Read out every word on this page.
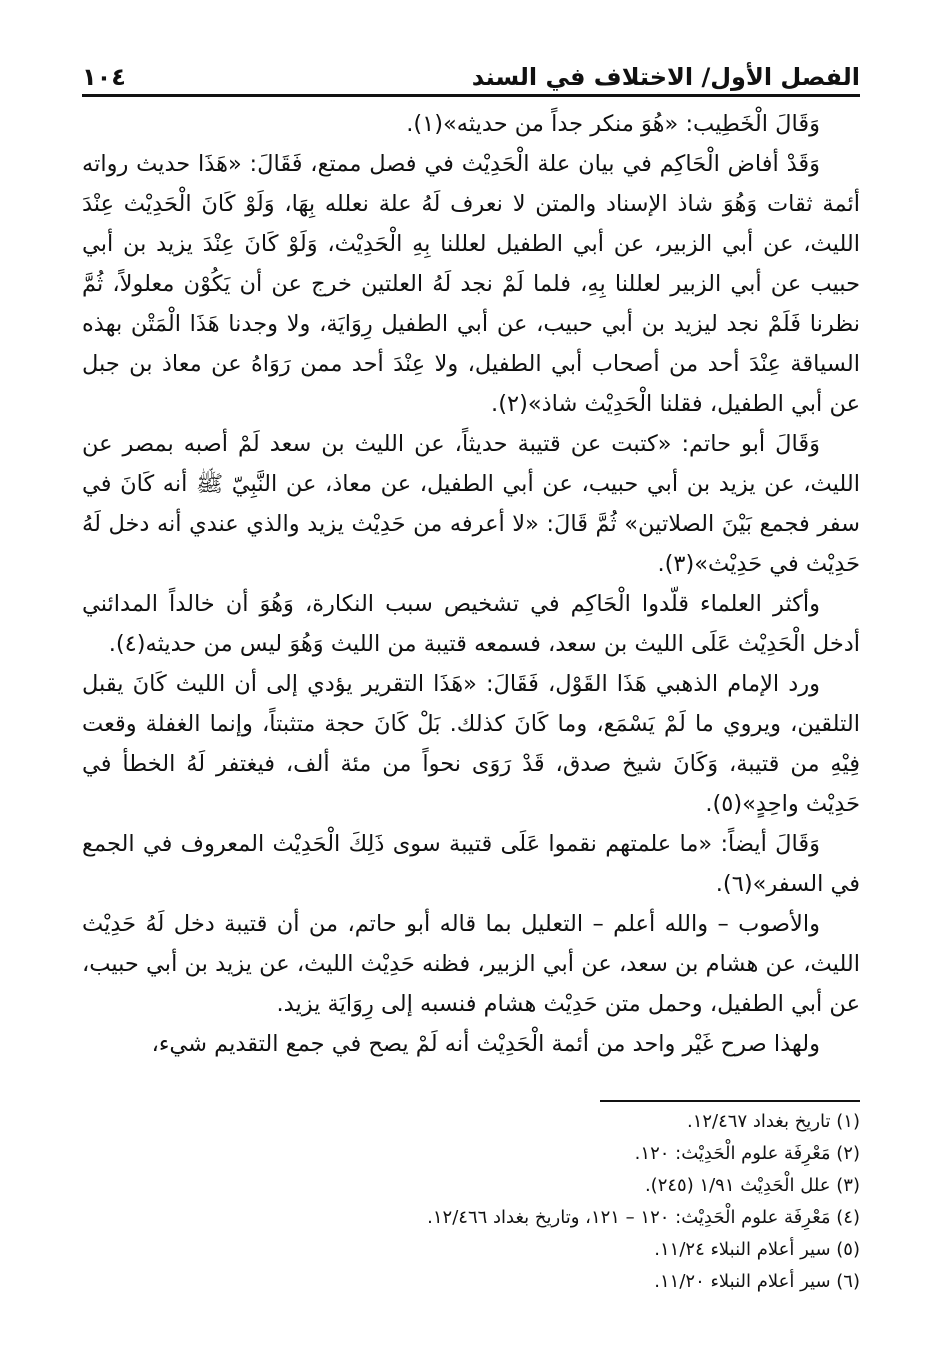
الفصل الأول/ الاختلاف في السند
١٠٤

وَقَالَ الْخَطِيب: «هُوَ منكر جداً من حديثه»(١).

وَقَدْ أفاض الْحَاكِم في بيان علة الْحَدِيْث في فصل ممتع، فَقَالَ: «هَذَا حديث رواته أئمة ثقات وَهُوَ شاذ الإسناد والمتن لا نعرف لَهُ علة نعلله بِهَا، وَلَوْ كَانَ الْحَدِيْث عِنْدَ الليث، عن أبي الزبير، عن أبي الطفيل لعللنا بِهِ الْحَدِيْث، وَلَوْ كَانَ عِنْدَ يزيد بن أبي حبيب عن أبي الزبير لعللنا بِهِ، فلما لَمْ نجد لَهُ العلتين خرج عن أن يَكُوْن معلولاً، ثُمَّ نظرنا فَلَمْ نجد ليزيد بن أبي حبيب، عن أبي الطفيل رِوَايَة، ولا وجدنا هَذَا الْمَتْن بهذه السياقة عِنْدَ أحد من أصحاب أبي الطفيل، ولا عِنْدَ أحد ممن رَوَاهُ عن معاذ بن جبل عن أبي الطفيل، فقلنا الْحَدِيْث شاذ»(٢).

وَقَالَ أبو حاتم: «كتبت عن قتيبة حديثاً، عن الليث بن سعد لَمْ أصبه بمصر عن الليث، عن يزيد بن أبي حبيب، عن أبي الطفيل، عن معاذ، عن النَّبِيّ ﷺ أنه كَانَ في سفر فجمع بَيْنَ الصلاتين» ثُمَّ قَالَ: «لا أعرفه من حَدِيْث يزيد والذي عندي أنه دخل لَهُ حَدِيْث في حَدِيْث»(٣).

وأكثر العلماء قلّدوا الْحَاكِم في تشخيص سبب النكارة، وَهُوَ أن خالداً المدائني أدخل الْحَدِيْث عَلَى الليث بن سعد، فسمعه قتيبة من الليث وَهُوَ ليس من حديثه(٤).

ورد الإمام الذهبي هَذَا القَوْل، فَقَالَ: «هَذَا التقرير يؤدي إلى أن الليث كَانَ يقبل التلقين، ويروي ما لَمْ يَسْمَع، وما كَانَ كذلك. بَلْ كَانَ حجة متثبتاً، وإنما الغفلة وقعت فِيْهِ من قتيبة، وَكَانَ شيخ صدق، قَدْ رَوَى نحواً من مئة ألف، فيغتفر لَهُ الخطأ في حَدِيْث واحِدٍ»(٥).

وَقَالَ أيضاً: «ما علمتهم نقموا عَلَى قتيبة سوى ذَلِكَ الْحَدِيْث المعروف في الجمع في السفر»(٦).

والأصوب – والله أعلم – التعليل بما قاله أبو حاتم، من أن قتيبة دخل لَهُ حَدِيْث الليث، عن هشام بن سعد، عن أبي الزبير، فظنه حَدِيْث الليث، عن يزيد بن أبي حبيب، عن أبي الطفيل، وحمل متن حَدِيْث هشام فنسبه إلى رِوَايَة يزيد.

ولهذا صرح غَيْر واحد من أئمة الْحَدِيْث أنه لَمْ يصح في جمع التقديم شيء،

(١) تاريخ بغداد ١٢/٤٦٧.
(٢) مَعْرِفَة علوم الْحَدِيْث: ١٢٠.
(٣) علل الْحَدِيْث ١/٩١ (٢٤٥).
(٤) مَعْرِفَة علوم الْحَدِيْث: ١٢٠ – ١٢١، وتاريخ بغداد ١٢/٤٦٦.
(٥) سير أعلام النبلاء ١١/٢٤.
(٦) سير أعلام النبلاء ١١/٢٠.
